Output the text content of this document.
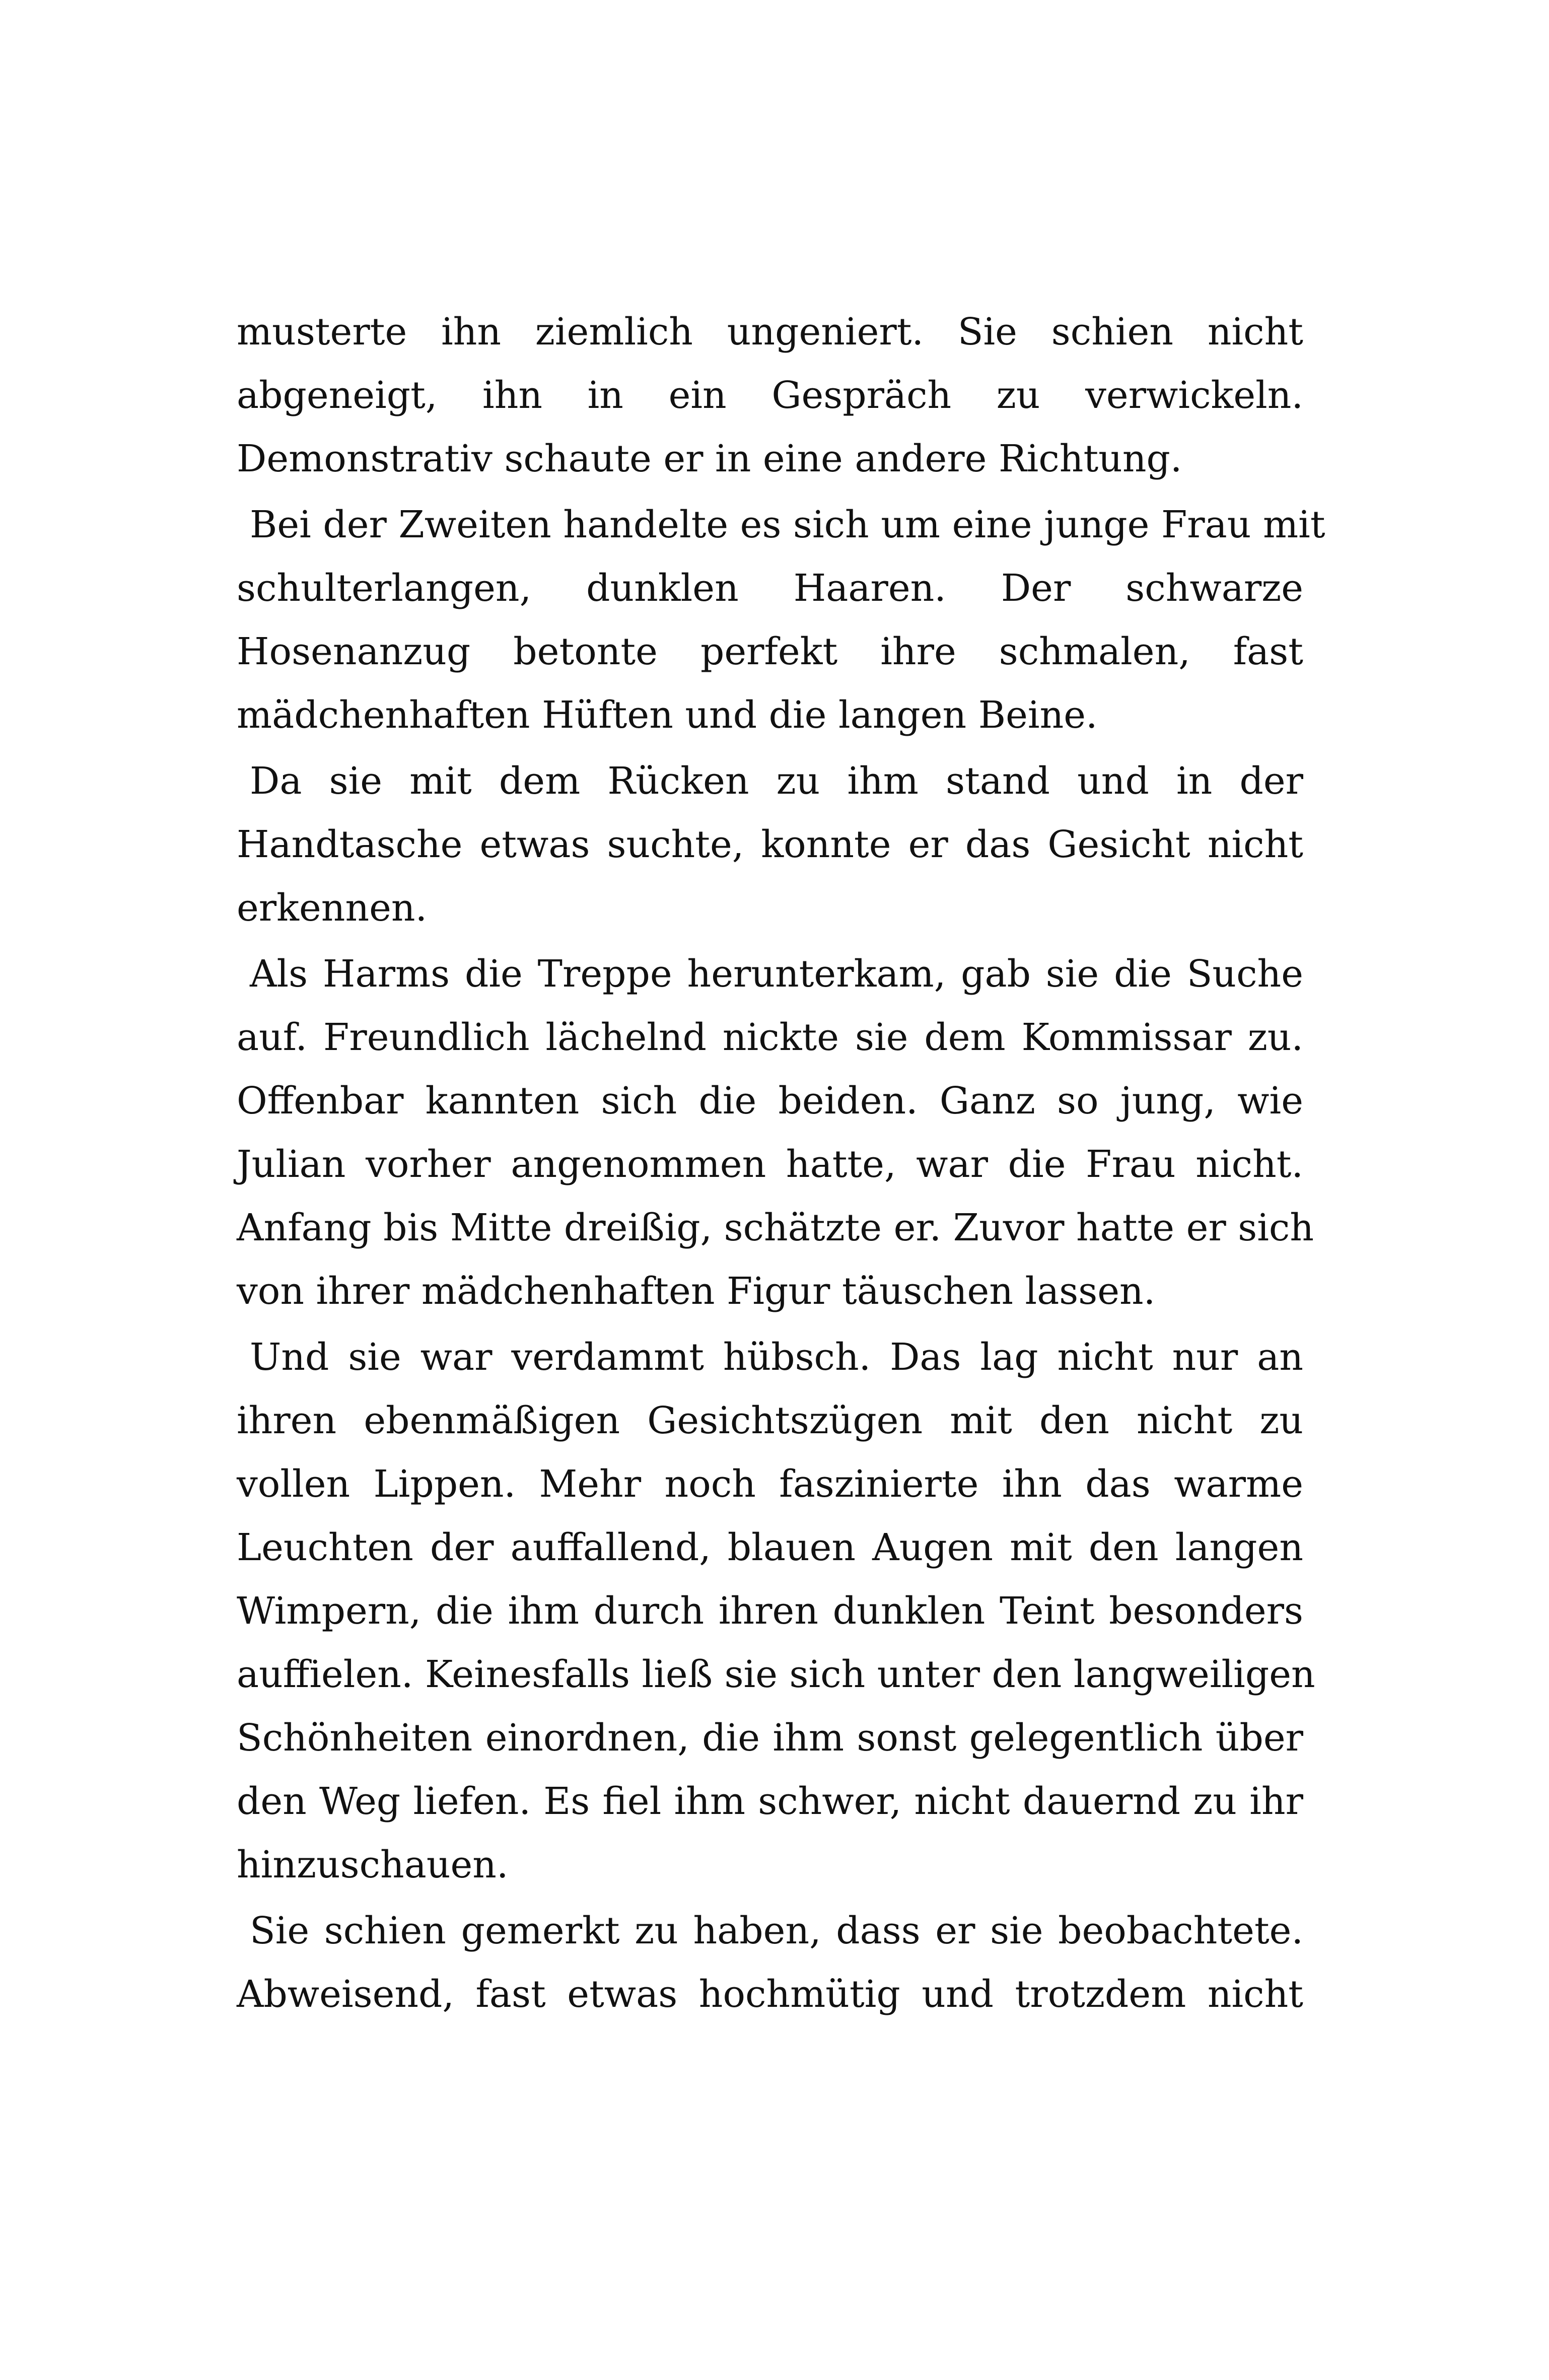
musterte ihn ziemlich ungeniert. Sie schien nicht
abgeneigt, ihn in ein Gespräch zu verwickeln.
Demonstrativ schaute er in eine andere Richtung.

Bei der Zweiten handelte es sich um eine junge Frau mit
schulterlangen, dunklen Haaren. Der schwarze
Hosenanzug betonte perfekt ihre schmalen, fast
mädchenhaften Hüften und die langen Beine.

Da sie mit dem Rücken zu ihm stand und in der
Handtasche etwas suchte, konnte er das Gesicht nicht
erkennen.

Als Harms die Treppe herunterkam, gab sie die Suche
auf. Freundlich lächelnd nickte sie dem Kommissar zu.
Offenbar kannten sich die beiden. Ganz so jung, wie
Julian vorher angenommen hatte, war die Frau nicht.
Anfang bis Mitte dreißig, schätzte er. Zuvor hatte er sich
von ihrer mädchenhaften Figur täuschen lassen.

Und sie war verdammt hübsch. Das lag nicht nur an
ihren ebenmäßigen Gesichtszügen mit den nicht zu
vollen Lippen. Mehr noch faszinierte ihn das warme
Leuchten der auffallend, blauen Augen mit den langen
Wimpern, die ihm durch ihren dunklen Teint besonders
auffielen. Keinesfalls ließ sie sich unter den langweiligen
Schönheiten einordnen, die ihm sonst gelegentlich über
den Weg liefen. Es fiel ihm schwer, nicht dauernd zu ihr
hinzuschauen.

Sie schien gemerkt zu haben, dass er sie beobachtete.
Abweisend, fast etwas hochmütig und trotzdem nicht
